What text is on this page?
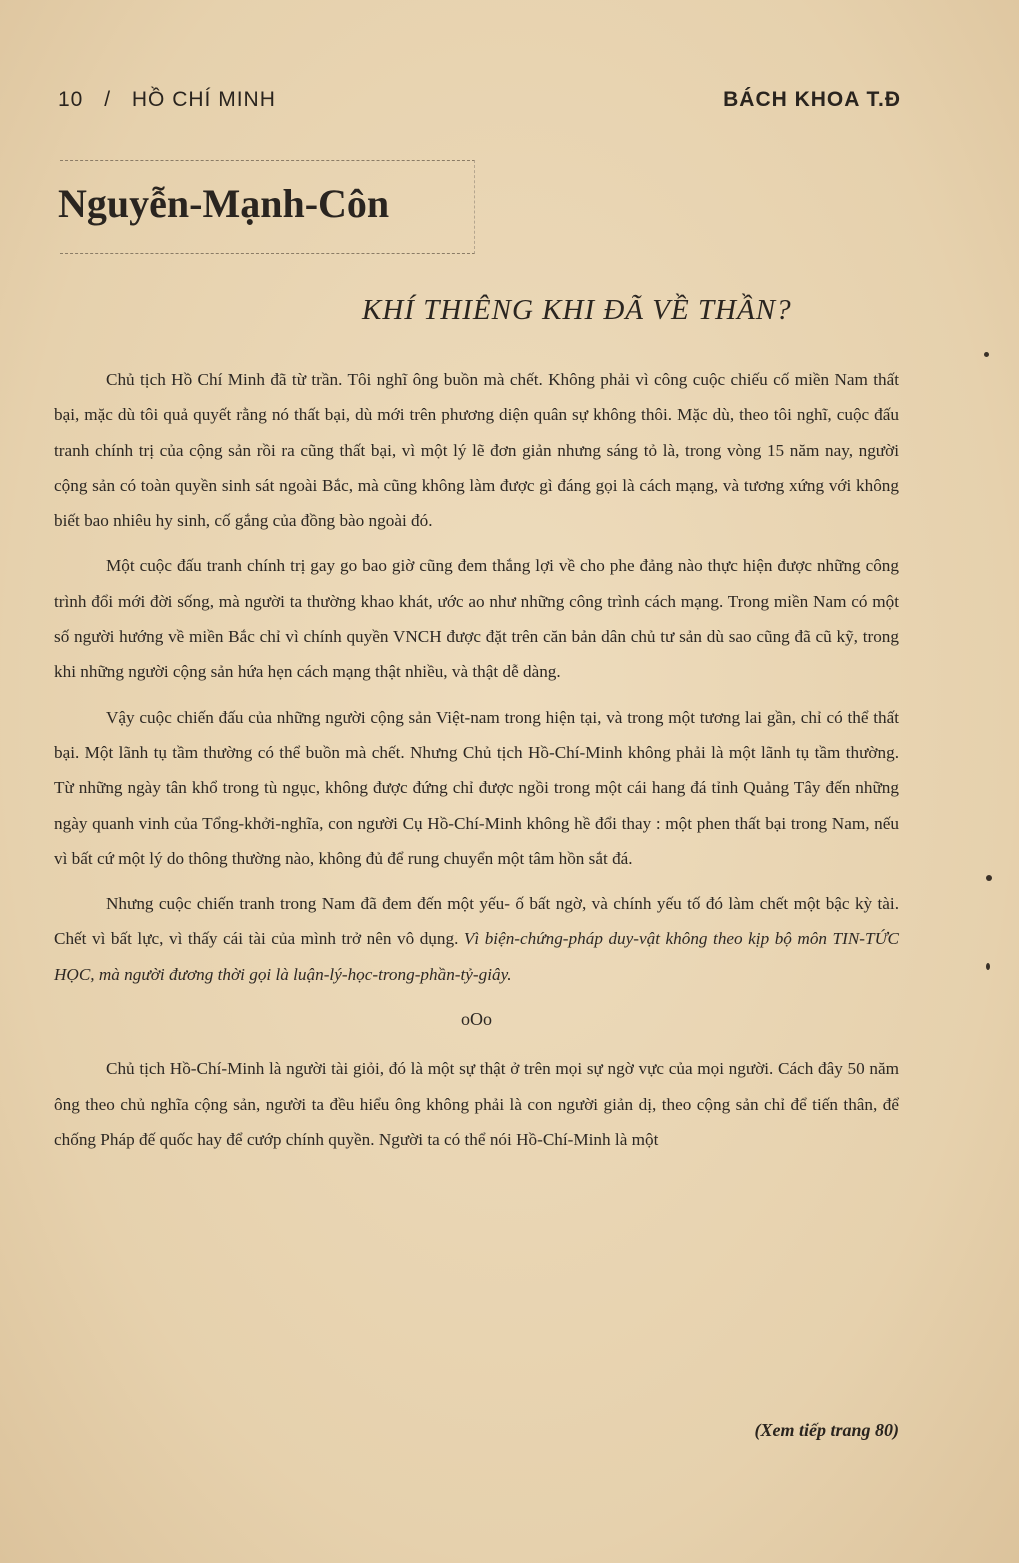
10 / HỒ CHÍ MINH	BÁCH KHOA T.Đ
Nguyễn-Mạnh-Côn
KHÍ THIÊNG KHI ĐÃ VỀ THẦN?

Chủ tịch Hồ Chí Minh đã từ trần. Tôi nghĩ ông buồn mà chết. Không phải vì công cuộc chiếu cố miền Nam thất bại, mặc dù tôi quả quyết rằng nó thất bại, dù mới trên phương diện quân sự không thôi. Mặc dù, theo tôi nghĩ, cuộc đấu tranh chính trị của cộng sản rồi ra cũng thất bại, vì một lý lẽ đơn giản nhưng sáng tỏ là, trong vòng 15 năm nay, người cộng sản có toàn quyền sinh sát ngoài Bắc, mà cũng không làm được gì đáng gọi là cách mạng, và tương xứng với không biết bao nhiêu hy sinh, cố gắng của đồng bào ngoài đó.

Một cuộc đấu tranh chính trị gay go bao giờ cũng đem thắng lợi về cho phe đảng nào thực hiện được những công trình đổi mới đời sống, mà người ta thường khao khát, ước ao như những công trình cách mạng. Trong miền Nam có một số người hướng về miền Bắc chỉ vì chính quyền VNCH được đặt trên căn bản dân chủ tư sản dù sao cũng đã cũ kỹ, trong khi những người cộng sản hứa hẹn cách mạng thật nhiều, và thật dễ dàng.

Vậy cuộc chiến đấu của những người cộng sản Việt-nam trong hiện tại, và trong một tương lai gần, chỉ có thể thất bại. Một lãnh tụ tầm thường có thể buồn mà chết. Nhưng Chủ tịch Hồ-Chí-Minh không phải là một lãnh tụ tầm thường. Từ những ngày tân khổ trong tù ngục, không được đứng chỉ được ngồi trong một cái hang đá tỉnh Quảng Tây đến những ngày quanh vinh của Tổng-khởi-nghĩa, con người Cụ Hồ-Chí-Minh không hề đổi thay : một phen thất bại trong Nam, nếu vì bất cứ một lý do thông thường nào, không đủ để rung chuyển một tâm hồn sắt đá.

Nhưng cuộc chiến tranh trong Nam đã đem đến một yếu- ố bất ngờ, và chính yếu tố đó làm chết một bậc kỳ tài. Chết vì bất lực, vì thấy cái tài của mình trở nên vô dụng. Vì biện-chứng-pháp duy-vật không theo kịp bộ môn TIN-TỨC HỌC, mà người đương thời gọi là luận-lý-học-trong-phần-tỷ-giây.

oOo

Chủ tịch Hồ-Chí-Minh là người tài giỏi, đó là một sự thật ở trên mọi sự ngờ vực của mọi người. Cách đây 50 năm ông theo chủ nghĩa cộng sản, người ta đều hiểu ông không phải là con người giản dị, theo cộng sản chỉ để tiến thân, để chống Pháp đế quốc hay để cướp chính quyền. Người ta có thể nói Hồ-Chí-Minh là một

(Xem tiếp trang 80)
